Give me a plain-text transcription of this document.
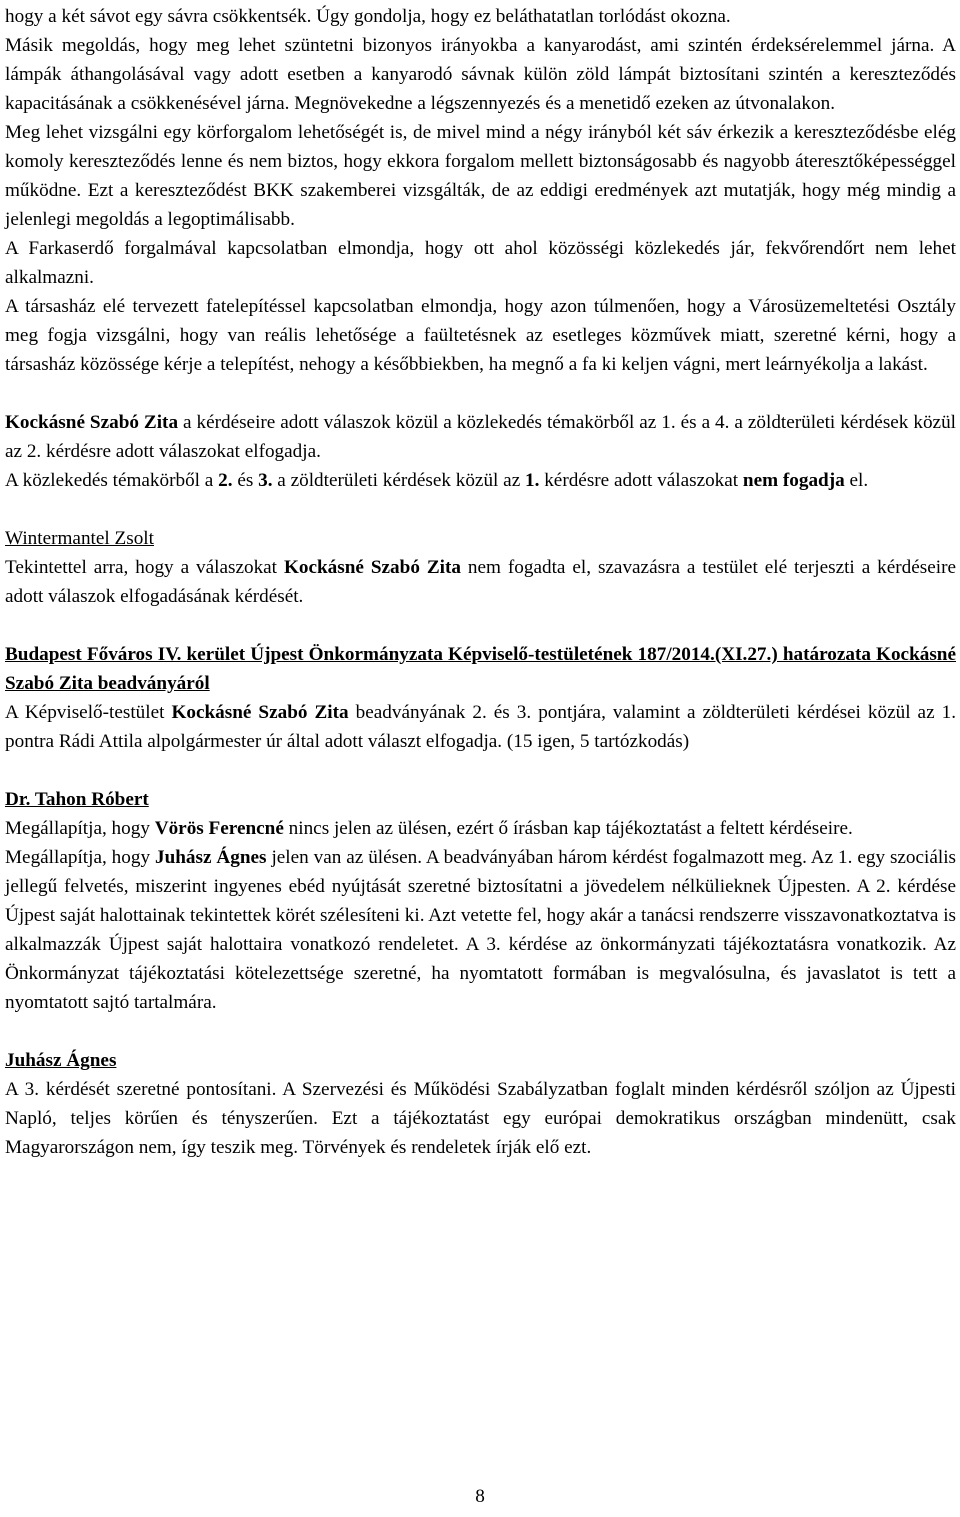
hogy a két sávot egy sávra csökkentsék. Úgy gondolja, hogy ez beláthatatlan torlódást okozna.

Másik megoldás, hogy meg lehet szüntetni bizonyos irányokba a kanyarodást, ami szintén érdeksérelemmel járna. A lámpák áthangolásával vagy adott esetben a kanyarodó sávnak külön zöld lámpát biztosítani szintén a kereszteződés kapacitásának a csökkenésével járna. Megnövekedne a légszennyezés és a menetidő ezeken az útvonalakon.

Meg lehet vizsgálni egy körforgalom lehetőségét is, de mivel mind a négy irányból két sáv érkezik a kereszteződésbe elég komoly kereszteződés lenne és nem biztos, hogy ekkora forgalom mellett biztonságosabb és nagyobb áteresztőképességgel működne. Ezt a kereszteződést BKK szakemberei vizsgálták, de az eddigi eredmények azt mutatják, hogy még mindig a jelenlegi megoldás a legoptimálisabb.

A Farkaserdő forgalmával kapcsolatban elmondja, hogy ott ahol közösségi közlekedés jár, fekvőrendőrt nem lehet alkalmazni.

A társasház elé tervezett fatelepítéssel kapcsolatban elmondja, hogy azon túlmenően, hogy a Városüzemeltetési Osztály meg fogja vizsgálni, hogy van reális lehetősége a faültetésnek az esetleges közművek miatt, szeretné kérni, hogy a társasház közössége kérje a telepítést, nehogy a későbbiekben, ha megnő a fa ki keljen vágni, mert leárnyékolja a lakást.

Kockásné Szabó Zita a kérdéseire adott válaszok közül a közlekedés témakörből az 1. és a 4. a zöldterületi kérdések közül az 2. kérdésre adott válaszokat elfogadja.

A közlekedés témakörből a 2. és 3. a zöldterületi kérdések közül az 1. kérdésre adott válaszokat nem fogadja el.

Wintermantel Zsolt

Tekintettel arra, hogy a válaszokat Kockásné Szabó Zita nem fogadta el, szavazásra a testület elé terjeszti a kérdéseire adott válaszok elfogadásának kérdését.

Budapest Főváros IV. kerület Újpest Önkormányzata Képviselő-testületének 187/2014.(XI.27.) határozata Kockásné Szabó Zita beadványáról

A Képviselő-testület Kockásné Szabó Zita beadványának 2. és 3. pontjára, valamint a zöldterületi kérdései közül az 1. pontra Rádi Attila alpolgármester úr által adott választ elfogadja. (15 igen, 5 tartózkodás)

Dr. Tahon Róbert

Megállapítja, hogy Vörös Ferencné nincs jelen az ülésen, ezért ő írásban kap tájékoztatást a feltett kérdéseire.

Megállapítja, hogy Juhász Ágnes jelen van az ülésen. A beadványában három kérdést fogalmazott meg. Az 1. egy szociális jellegű felvetés, miszerint ingyenes ebéd nyújtását szeretné biztosítatni a jövedelem nélkülieknek Újpesten. A 2. kérdése Újpest saját halottainak tekintettek körét szélesíteni ki. Azt vetette fel, hogy akár a tanácsi rendszerre visszavonatkoztatva is alkalmazzák Újpest saját halottaira vonatkozó rendeletet. A 3. kérdése az önkormányzati tájékoztatásra vonatkozik. Az Önkormányzat tájékoztatási kötelezettsége szeretné, ha nyomtatott formában is megvalósulna, és javaslatot is tett a nyomtatott sajtó tartalmára.

Juhász Ágnes

A 3. kérdését szeretné pontosítani. A Szervezési és Működési Szabályzatban foglalt minden kérdésről szóljon az Újpesti Napló, teljes körűen és tényszerűen. Ezt a tájékoztatást egy európai demokratikus országban mindenütt, csak Magyarországon nem, így teszik meg. Törvények és rendeletek írják elő ezt.

8
